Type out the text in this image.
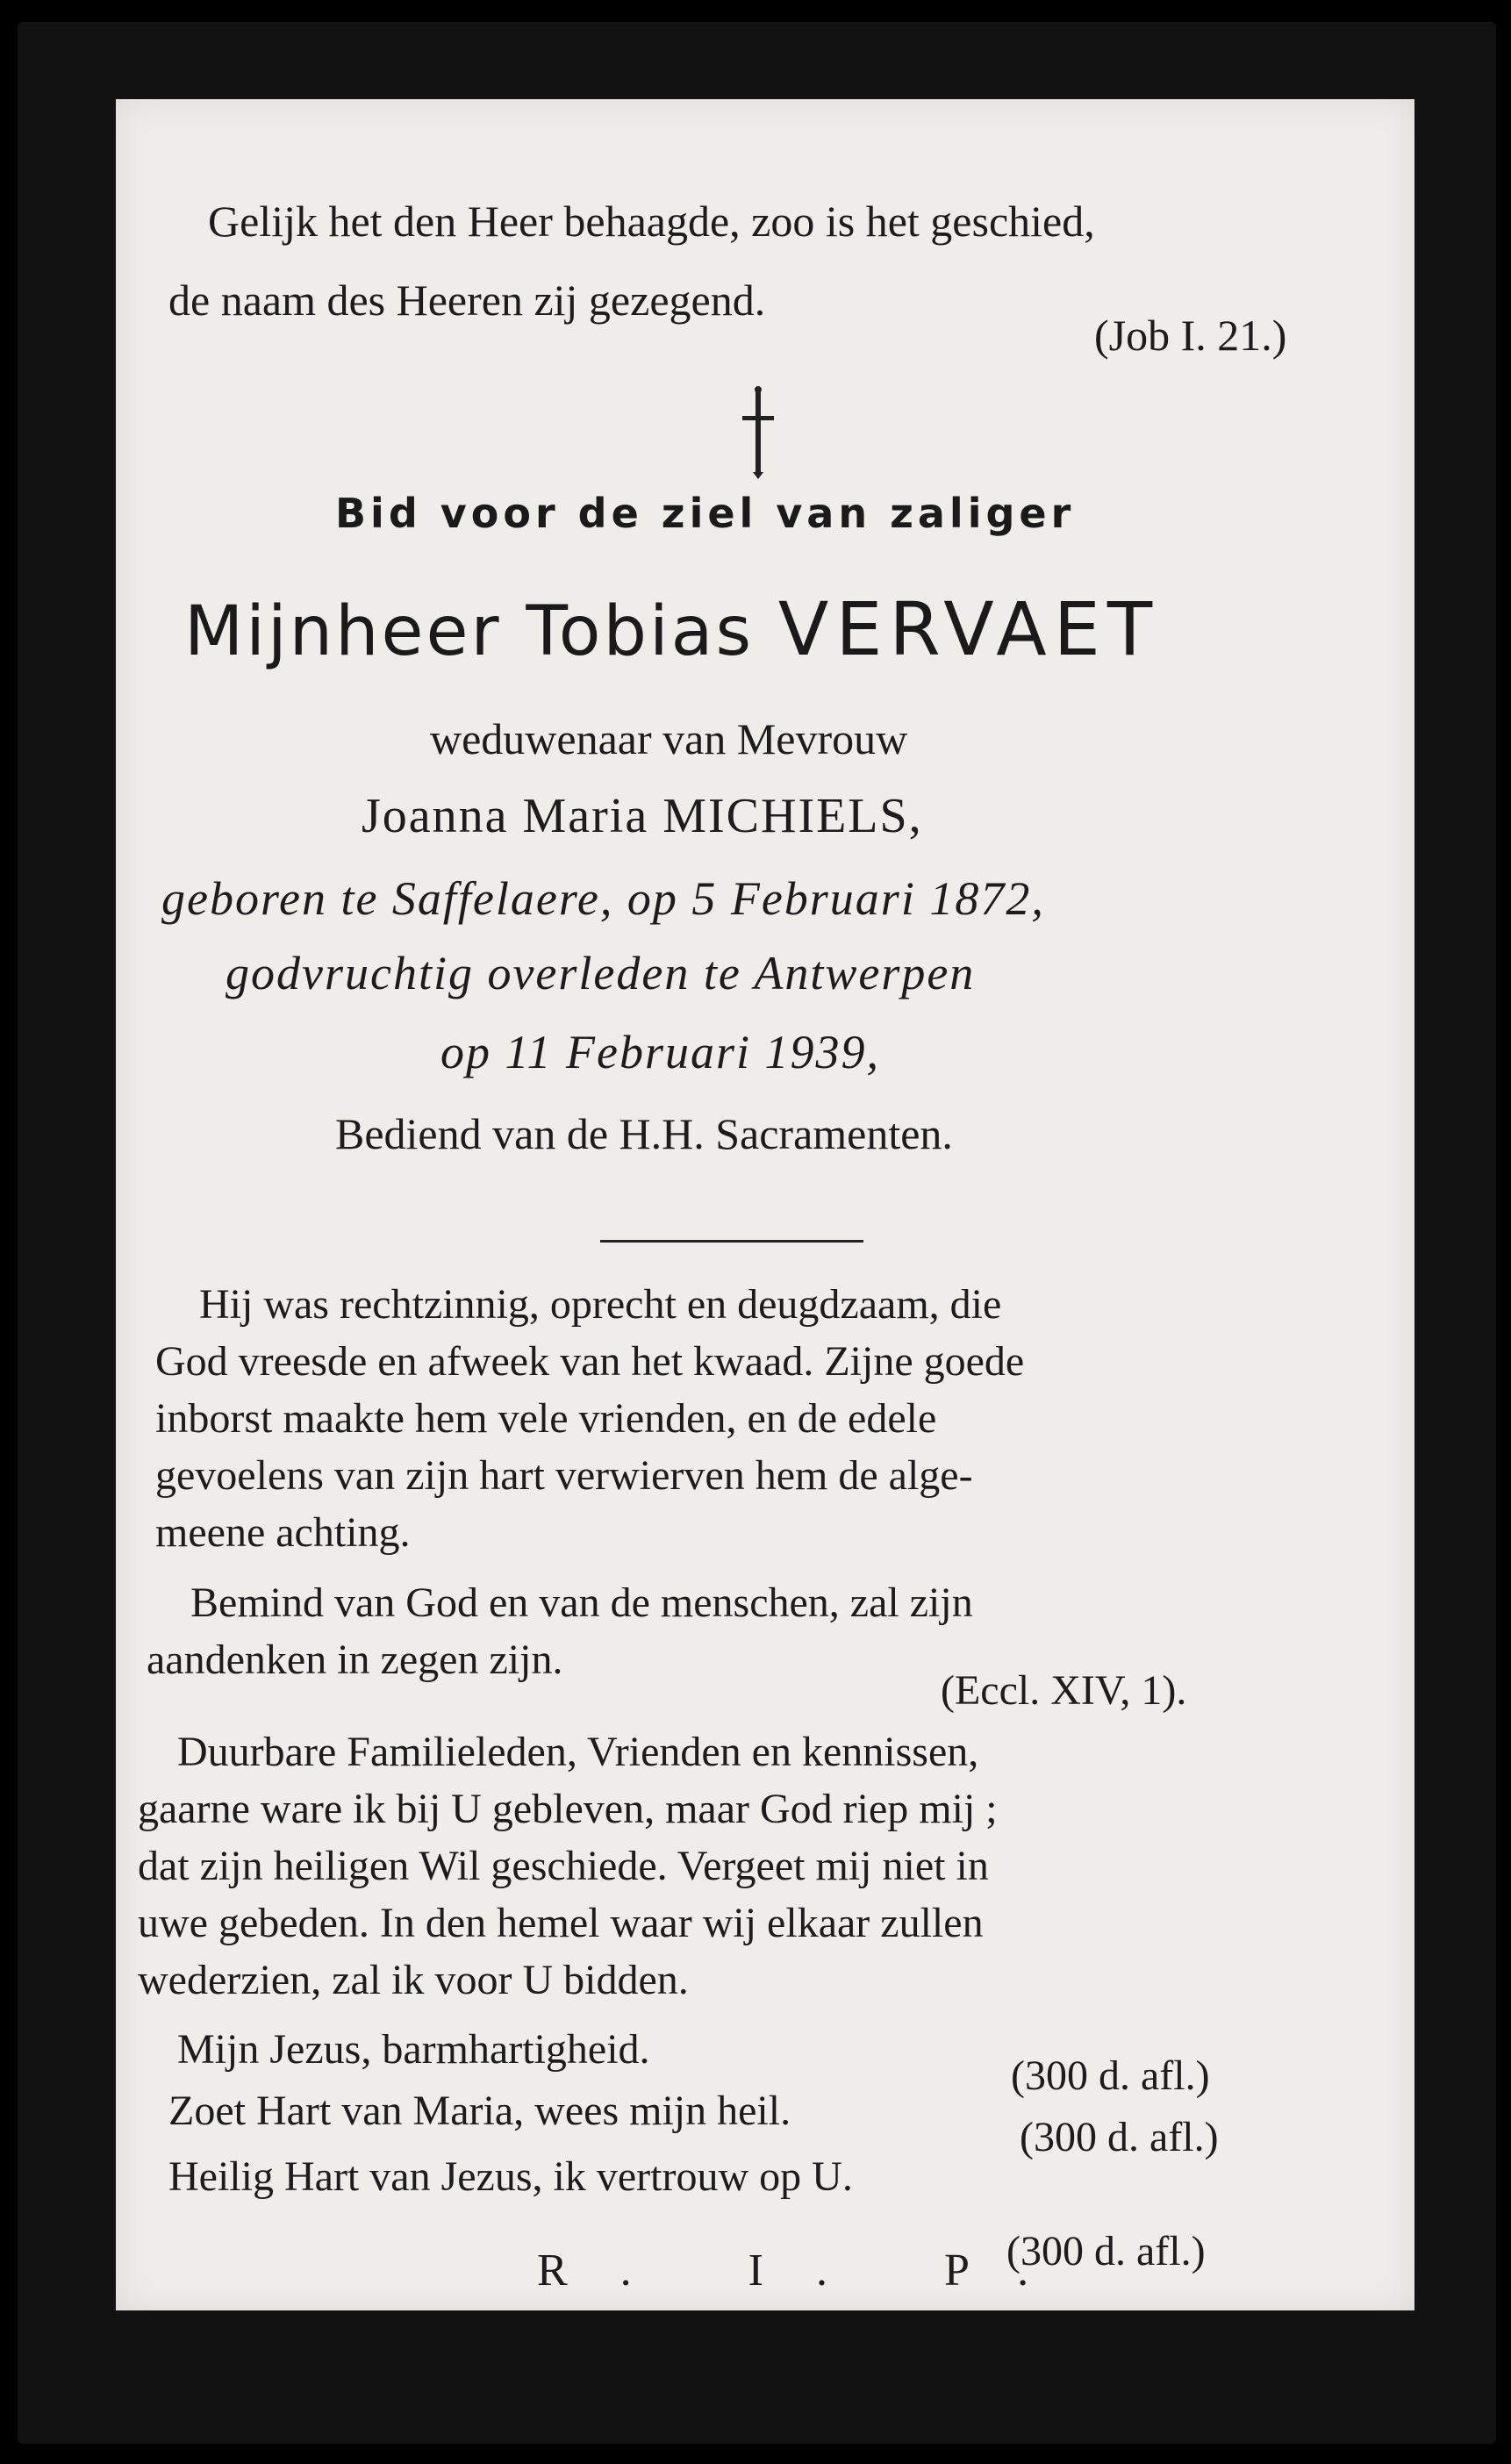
Gelijk het den Heer behaagde, zoo is het geschied,
de naam des Heeren zij gezegend.
(Job I. 21.)
Bid voor de ziel van zaliger
Mijnheer Tobias VERVAET
weduwenaar van Mevrouw
Joanna Maria MICHIELS,
geboren te Saffelaere, op 5 Februari 1872,
godvruchtig overleden te Antwerpen
op 11 Februari 1939,
Bediend van de H.H. Sacramenten.
Hij was rechtzinnig, oprecht en deugdzaam, die
God vreesde en afweek van het kwaad. Zijne goede
inborst maakte hem vele vrienden, en de edele
gevoelens van zijn hart verwierven hem de alge-
meene achting.
Bemind van God en van de menschen, zal zijn
aandenken in zegen zijn.
(Eccl. XIV, 1).
Duurbare Familieleden, Vrienden en kennissen,
gaarne ware ik bij U gebleven, maar God riep mij ;
dat zijn heiligen Wil geschiede. Vergeet mij niet in
uwe gebeden. In den hemel waar wij elkaar zullen
wederzien, zal ik voor U bidden.
Mijn Jezus, barmhartigheid.
(300 d. afl.)
Zoet Hart van Maria, wees mijn heil.
(300 d. afl.)
Heilig Hart van Jezus, ik vertrouw op U.
(300 d. afl.)
R. I. P.
